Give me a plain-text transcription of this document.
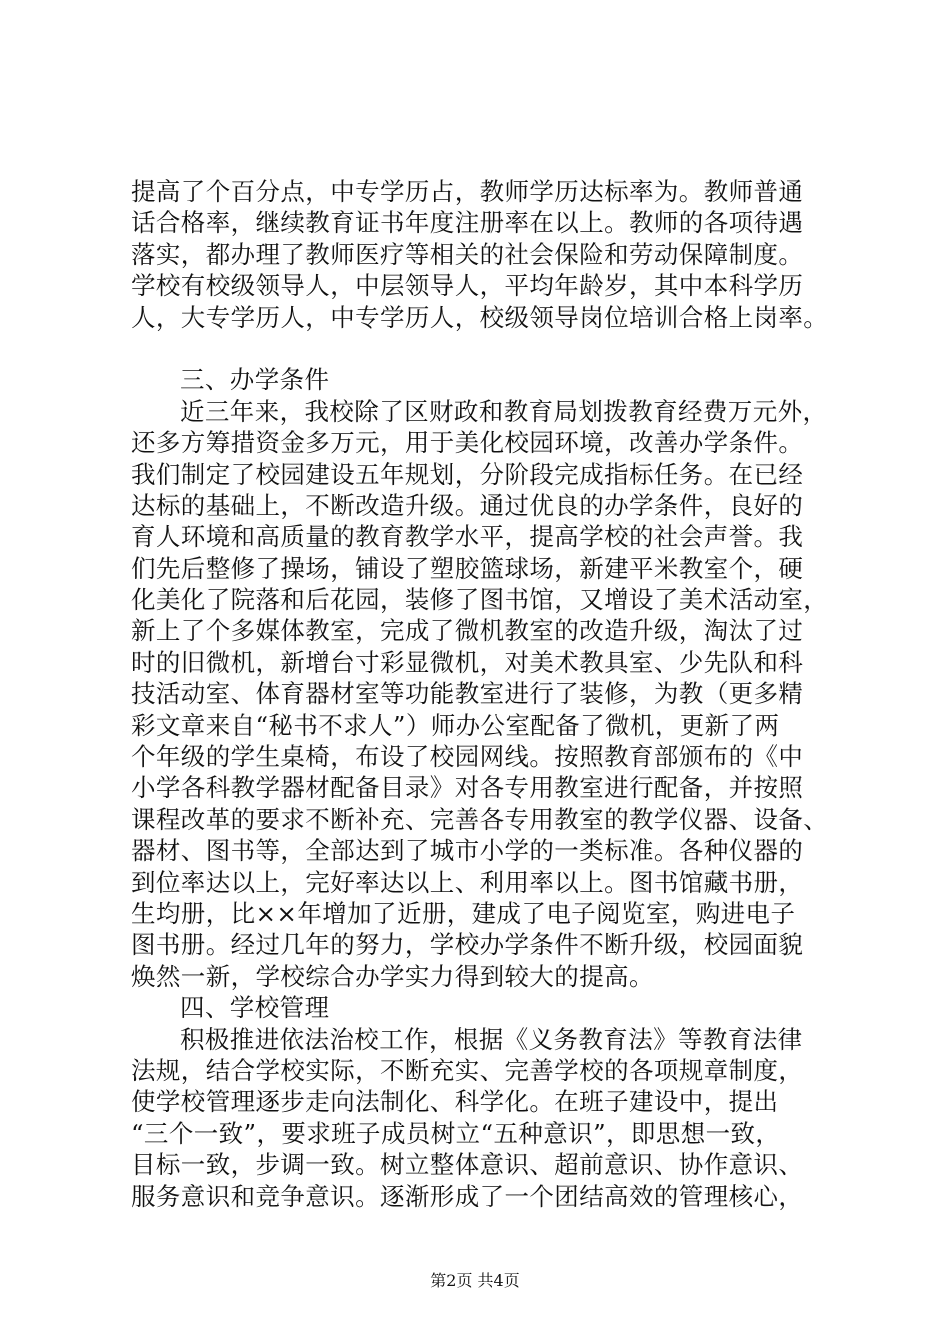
提高了个百分点，中专学历占，教师学历达标率为。教师普通
话合格率，继续教育证书年度注册率在以上。教师的各项待遇
落实，都办理了教师医疗等相关的社会保险和劳动保障制度。
学校有校级领导人，中层领导人，平均年龄岁，其中本科学历
人，大专学历人，中专学历人，校级领导岗位培训合格上岗率。
三、办学条件
近三年来，我校除了区财政和教育局划拨教育经费万元外，
还多方筹措资金多万元，用于美化校园环境，改善办学条件。
我们制定了校园建设五年规划，分阶段完成指标任务。在已经
达标的基础上，不断改造升级。通过优良的办学条件，良好的
育人环境和高质量的教育教学水平，提高学校的社会声誉。我
们先后整修了操场，铺设了塑胶篮球场，新建平米教室个，硬
化美化了院落和后花园，装修了图书馆，又增设了美术活动室，
新上了个多媒体教室，完成了微机教室的改造升级，淘汰了过
时的旧微机，新增台寸彩显微机，对美术教具室、少先队和科
技活动室、体育器材室等功能教室进行了装修，为教（更多精
彩文章来自“秘书不求人”）师办公室配备了微机，更新了两
个年级的学生桌椅，布设了校园网线。按照教育部颁布的《中
小学各科教学器材配备目录》对各专用教室进行配备，并按照
课程改革的要求不断补充、完善各专用教室的教学仪器、设备、
器材、图书等，全部达到了城市小学的一类标准。各种仪器的
到位率达以上，完好率达以上、利用率以上。图书馆藏书册，
生均册，比××年增加了近册，建成了电子阅览室，购进电子
图书册。经过几年的努力，学校办学条件不断升级，校园面貌
焕然一新，学校综合办学实力得到较大的提高。
四、学校管理
积极推进依法治校工作，根据《义务教育法》等教育法律
法规，结合学校实际，不断充实、完善学校的各项规章制度，
使学校管理逐步走向法制化、科学化。在班子建设中，提出
“三个一致”，要求班子成员树立“五种意识”，即思想一致，
目标一致，步调一致。树立整体意识、超前意识、协作意识、
服务意识和竞争意识。逐渐形成了一个团结高效的管理核心，
第2页 共4页
